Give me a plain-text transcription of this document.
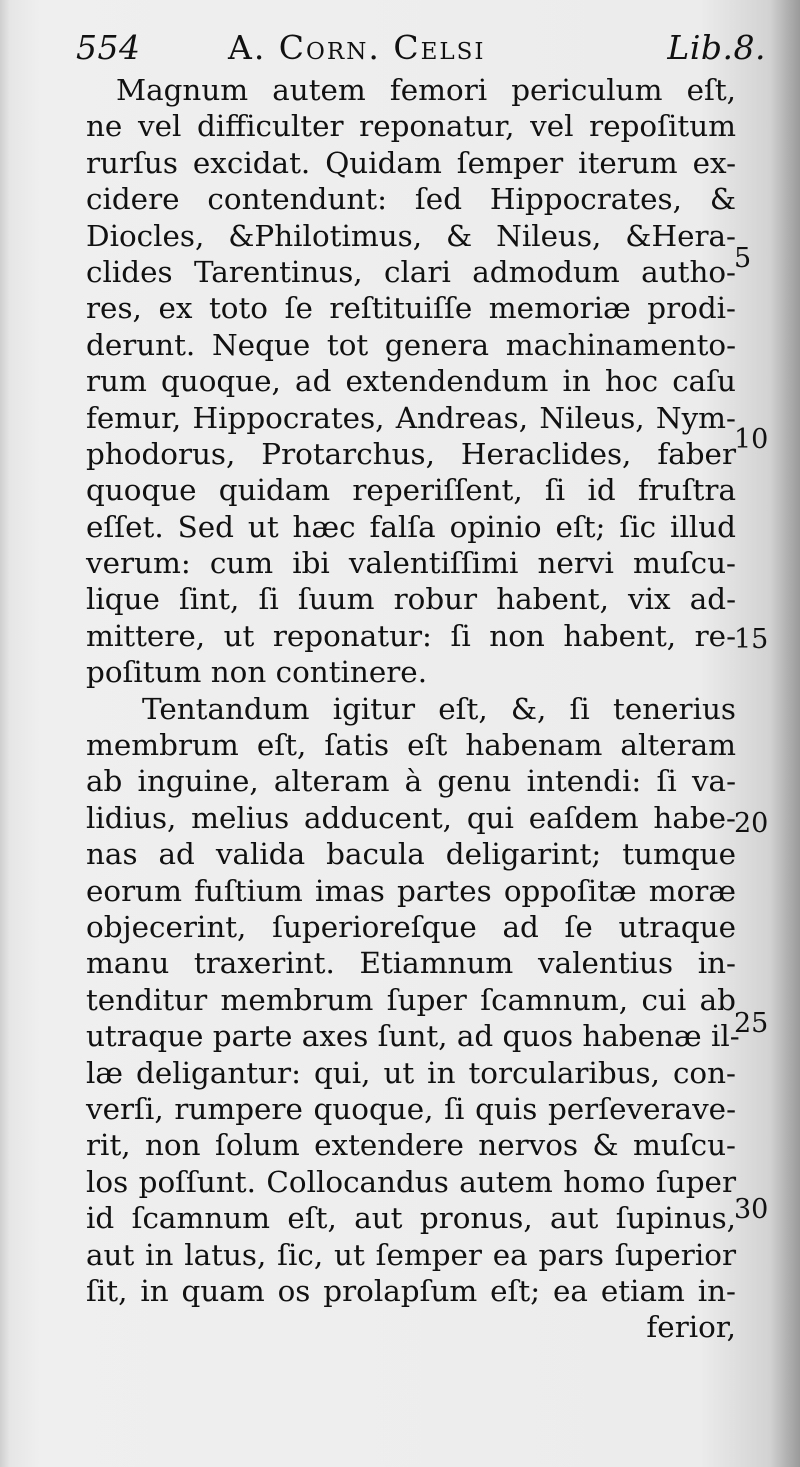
554	A. Corn. Celsi	Lib.8.
Magnum autem femori periculum eſt,
ne vel difficulter reponatur, vel repoſitum
rurſus excidat. Quidam ſemper iterum ex-
cidere contendunt: ſed Hippocrates, &
Diocles, &Philotimus, & Nileus, &Hera-
clides Tarentinus, clari admodum autho-
res, ex toto ſe reſtituiſſe memoriæ prodi-
derunt. Neque tot genera machinamento-
rum quoque, ad extendendum in hoc caſu
femur, Hippocrates, Andreas, Nileus, Nym-
phodorus, Protarchus, Heraclides, faber
quoque quidam reperiſſent, ſi id fruſtra
eſſet. Sed ut hæc falſa opinio eſt; ſic illud
verum: cum ibi valentiſſimi nervi muſcu-
lique ſint, ſi ſuum robur habent, vix ad-
mittere, ut reponatur: ſi non habent, re-
poſitum non continere.
Tentandum igitur eſt, &, ſi tenerius
membrum eſt, ſatis eſt habenam alteram
ab inguine, alteram à genu intendi: ſi va-
lidius, melius adducent, qui eaſdem habe-
nas ad valida bacula deligarint; tumque
eorum fuſtium imas partes oppoſitæ moræ
objecerint, ſuperioreſque ad ſe utraque
manu traxerint. Etiamnum valentius in-
tenditur membrum ſuper ſcamnum, cui ab
utraque parte axes ſunt, ad quos habenæ il-
læ deligantur: qui, ut in torcularibus, con-
verſi, rumpere quoque, ſi quis perſeverave-
rit, non ſolum extendere nervos & muſcu-
los poſſunt. Collocandus autem homo ſuper
id ſcamnum eſt, aut pronus, aut ſupinus,
aut in latus, ſic, ut ſemper ea pars ſuperior
ſit, in quam os prolapſum eſt; ea etiam in-
ferior,
5
10
15
20
25
30
